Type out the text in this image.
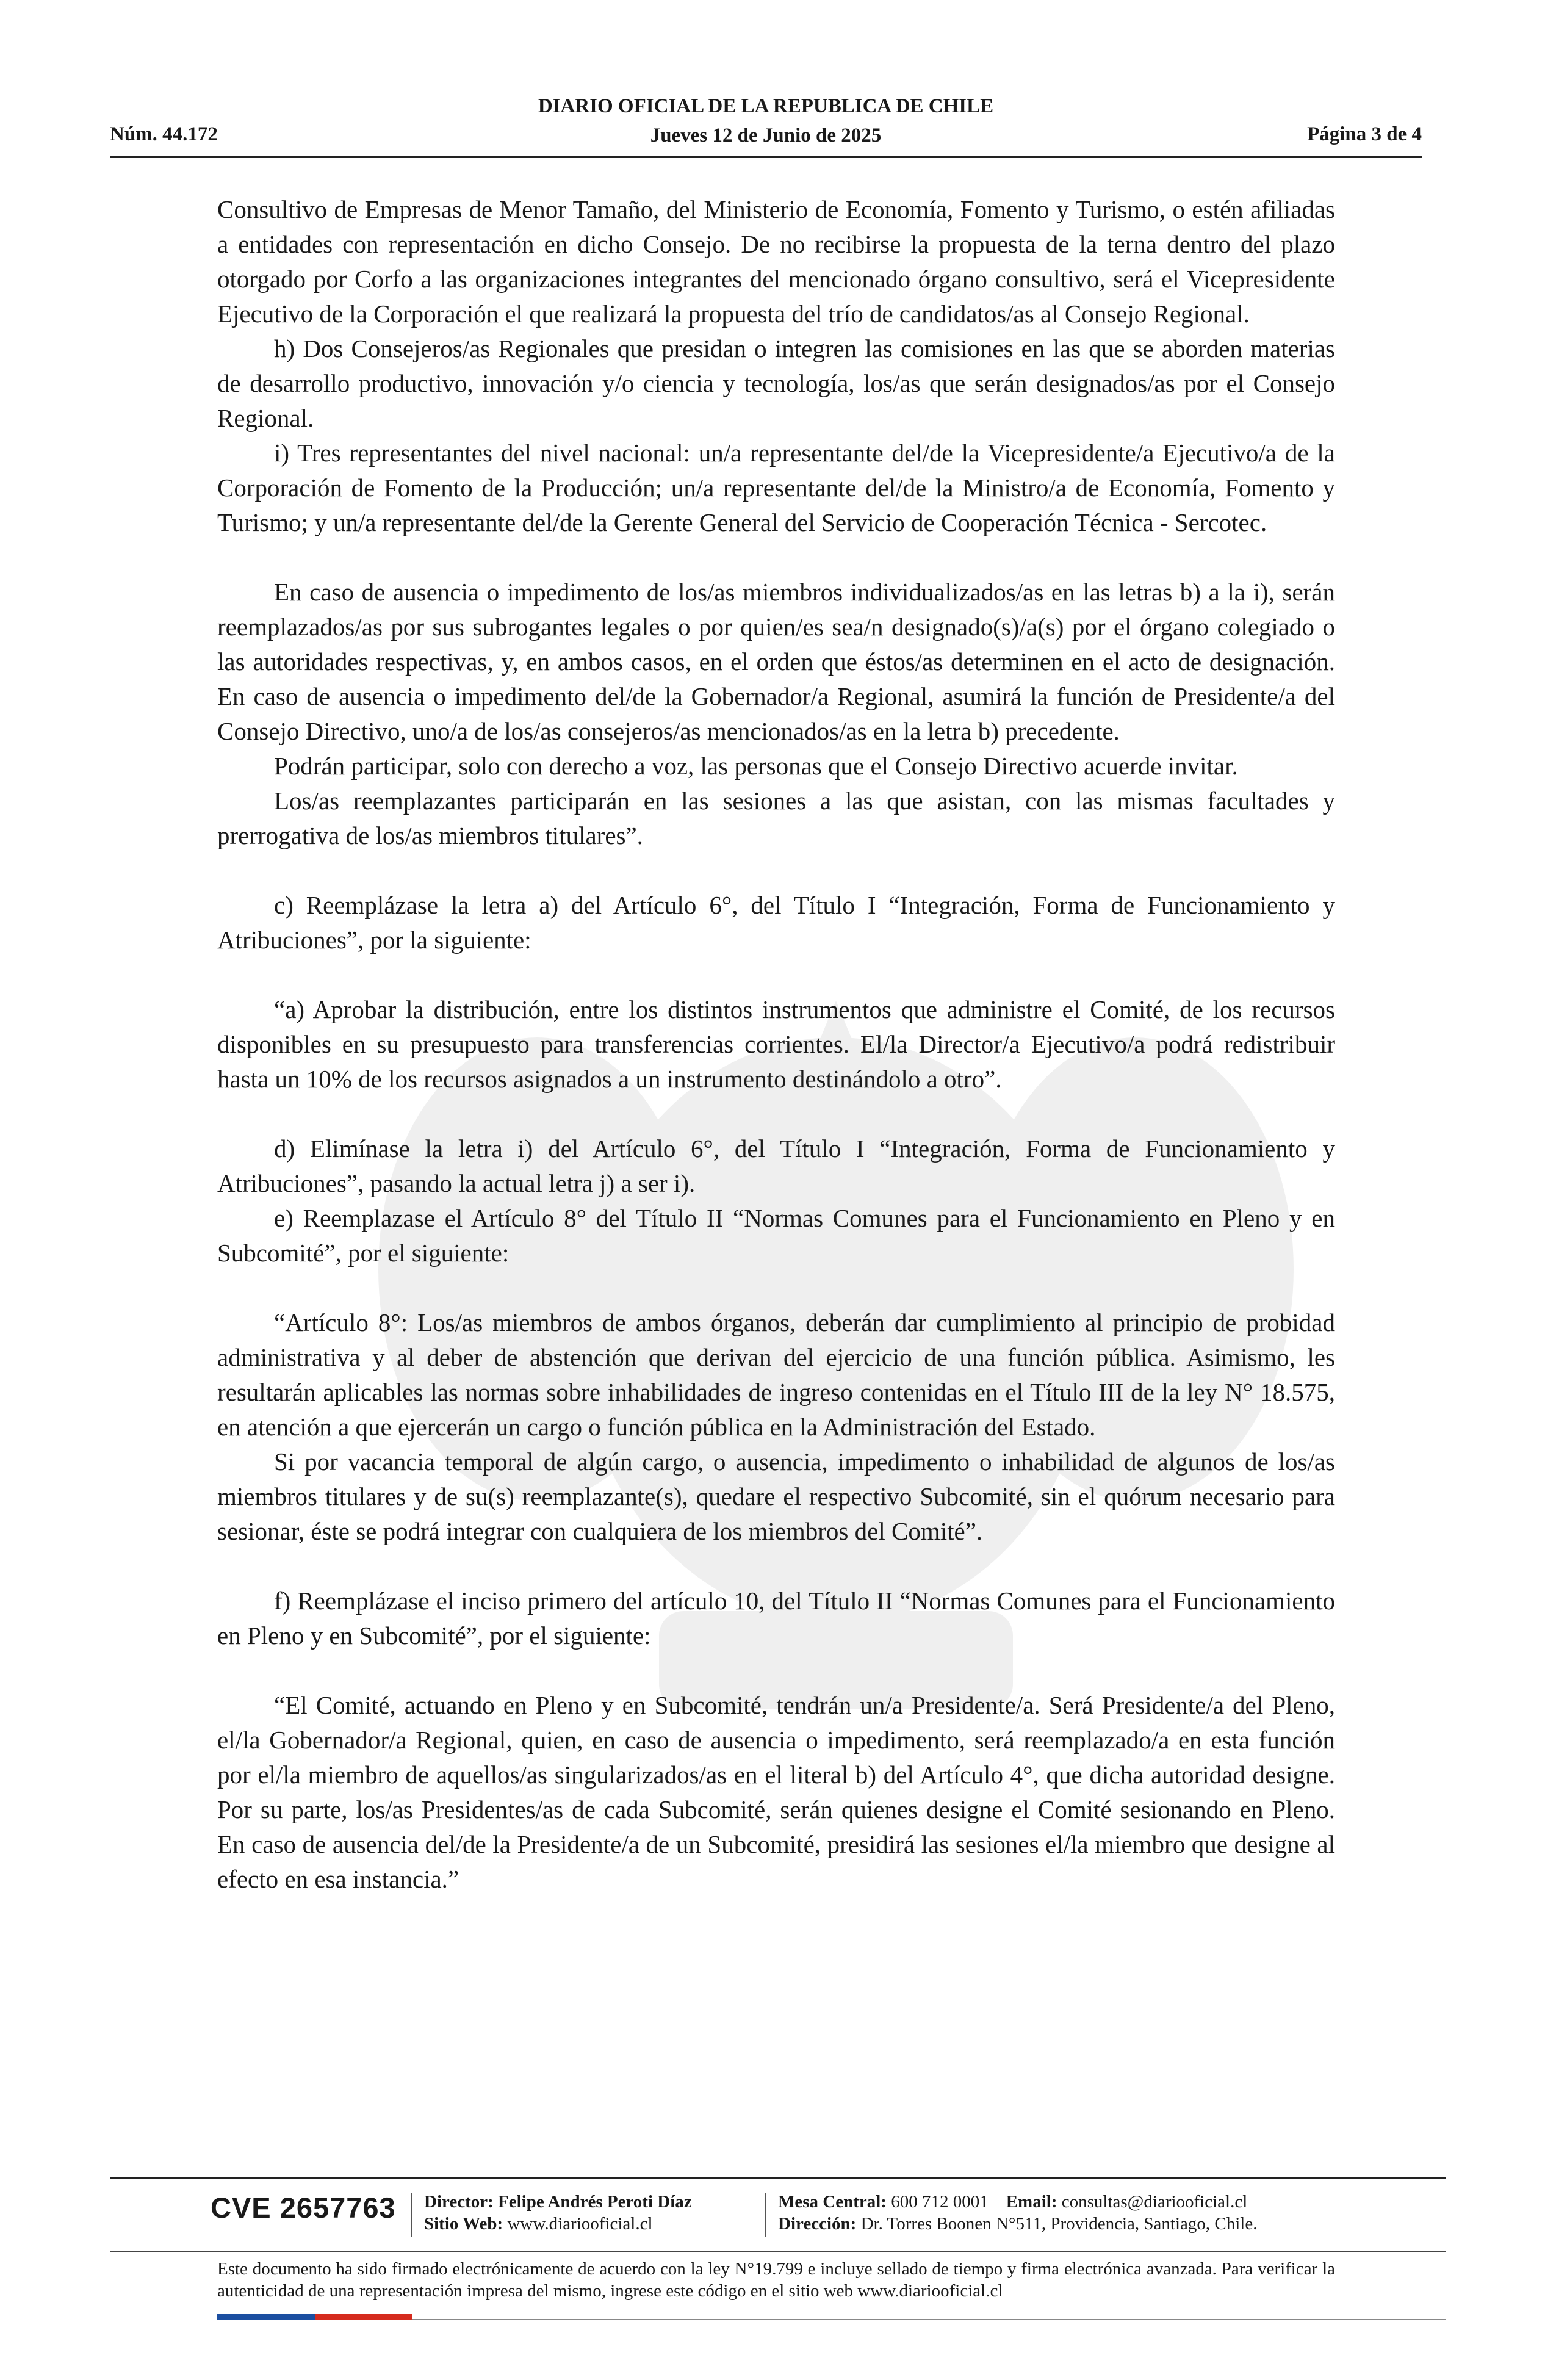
Núm. 44.172
DIARIO OFICIAL DE LA REPUBLICA DE CHILE
Jueves 12 de Junio de 2025	Página 3 de 4

Consultivo de Empresas de Menor Tamaño, del Ministerio de Economía, Fomento y Turismo, o estén afiliadas a entidades con representación en dicho Consejo. De no recibirse la propuesta de la terna dentro del plazo otorgado por Corfo a las organizaciones integrantes del mencionado órgano consultivo, será el Vicepresidente Ejecutivo de la Corporación el que realizará la propuesta del trío de candidatos/as al Consejo Regional.

h) Dos Consejeros/as Regionales que presidan o integren las comisiones en las que se aborden materias de desarrollo productivo, innovación y/o ciencia y tecnología, los/as que serán designados/as por el Consejo Regional.

i) Tres representantes del nivel nacional: un/a representante del/de la Vicepresidente/a Ejecutivo/a de la Corporación de Fomento de la Producción; un/a representante del/de la Ministro/a de Economía, Fomento y Turismo; y un/a representante del/de la Gerente General del Servicio de Cooperación Técnica - Sercotec.

En caso de ausencia o impedimento de los/as miembros individualizados/as en las letras b) a la i), serán reemplazados/as por sus subrogantes legales o por quien/es sea/n designado(s)/a(s) por el órgano colegiado o las autoridades respectivas, y, en ambos casos, en el orden que éstos/as determinen en el acto de designación. En caso de ausencia o impedimento del/de la Gobernador/a Regional, asumirá la función de Presidente/a del Consejo Directivo, uno/a de los/as consejeros/as mencionados/as en la letra b) precedente.

Podrán participar, solo con derecho a voz, las personas que el Consejo Directivo acuerde invitar.

Los/as reemplazantes participarán en las sesiones a las que asistan, con las mismas facultades y prerrogativa de los/as miembros titulares”.

c) Reemplázase la letra a) del Artículo 6°, del Título I “Integración, Forma de Funcionamiento y Atribuciones”, por la siguiente:

“a) Aprobar la distribución, entre los distintos instrumentos que administre el Comité, de los recursos disponibles en su presupuesto para transferencias corrientes. El/la Director/a Ejecutivo/a podrá redistribuir hasta un 10% de los recursos asignados a un instrumento destinándolo a otro”.

d) Elimínase la letra i) del Artículo 6°, del Título I “Integración, Forma de Funcionamiento y Atribuciones”, pasando la actual letra j) a ser i).

e) Reemplazase el Artículo 8° del Título II “Normas Comunes para el Funcionamiento en Pleno y en Subcomité”, por el siguiente:

“Artículo 8°: Los/as miembros de ambos órganos, deberán dar cumplimiento al principio de probidad administrativa y al deber de abstención que derivan del ejercicio de una función pública. Asimismo, les resultarán aplicables las normas sobre inhabilidades de ingreso contenidas en el Título III de la ley N° 18.575, en atención a que ejercerán un cargo o función pública en la Administración del Estado.

Si por vacancia temporal de algún cargo, o ausencia, impedimento o inhabilidad de algunos de los/as miembros titulares y de su(s) reemplazante(s), quedare el respectivo Subcomité, sin el quórum necesario para sesionar, éste se podrá integrar con cualquiera de los miembros del Comité”.

f) Reemplázase el inciso primero del artículo 10, del Título II “Normas Comunes para el Funcionamiento en Pleno y en Subcomité”, por el siguiente:

“El Comité, actuando en Pleno y en Subcomité, tendrán un/a Presidente/a. Será Presidente/a del Pleno, el/la Gobernador/a Regional, quien, en caso de ausencia o impedimento, será reemplazado/a en esta función por el/la miembro de aquellos/as singularizados/as en el literal b) del Artículo 4°, que dicha autoridad designe. Por su parte, los/as Presidentes/as de cada Subcomité, serán quienes designe el Comité sesionando en Pleno. En caso de ausencia del/de la Presidente/a de un Subcomité, presidirá las sesiones el/la miembro que designe al efecto en esa instancia.”

CVE 2657763 Director: Felipe Andrés Peroti Díaz
Sitio Web: www.diariooficial.cl
Mesa Central: 600 712 0001 Email: consultas@diariooficial.cl
Dirección: Dr. Torres Boonen N°511, Providencia, Santiago, Chile.
Este documento ha sido firmado electrónicamente de acuerdo con la ley N°19.799 e incluye sellado de tiempo y firma electrónica avanzada. Para verificar la autenticidad de una representación impresa del mismo, ingrese este código en el sitio web www.diariooficial.cl
